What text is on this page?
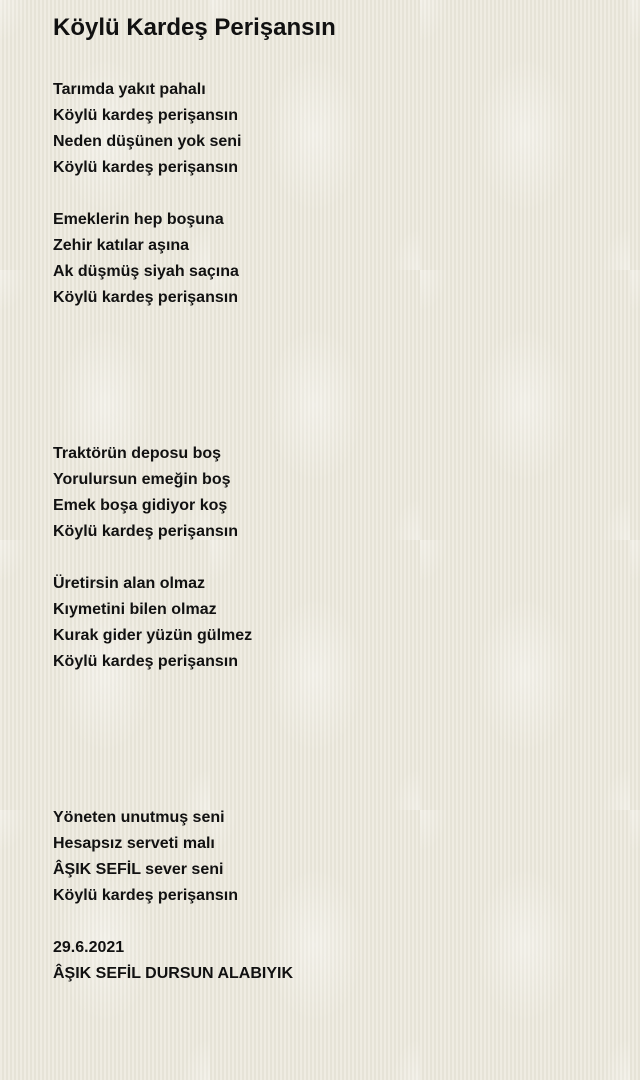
Köylü Kardeş Perişansın
Tarımda yakıt pahalı
Köylü kardeş perişansın
Neden düşünen yok seni
Köylü kardeş perişansın
Emeklerin hep boşuna
Zehir katılar aşına
Ak düşmüş siyah saçına
Köylü kardeş perişansın
Traktörün deposu boş
Yorulursun emeğin boş
Emek boşa gidiyor koş
Köylü kardeş perişansın
Üretirsin alan olmaz
Kıymetini bilen olmaz
Kurak gider yüzün gülmez
Köylü kardeş perişansın
Yöneten unutmuş seni
Hesapsız serveti malı
ÂŞIK SEFİL sever seni
Köylü kardeş perişansın
29.6.2021
ÂŞIK SEFİL DURSUN ALABIYIK
